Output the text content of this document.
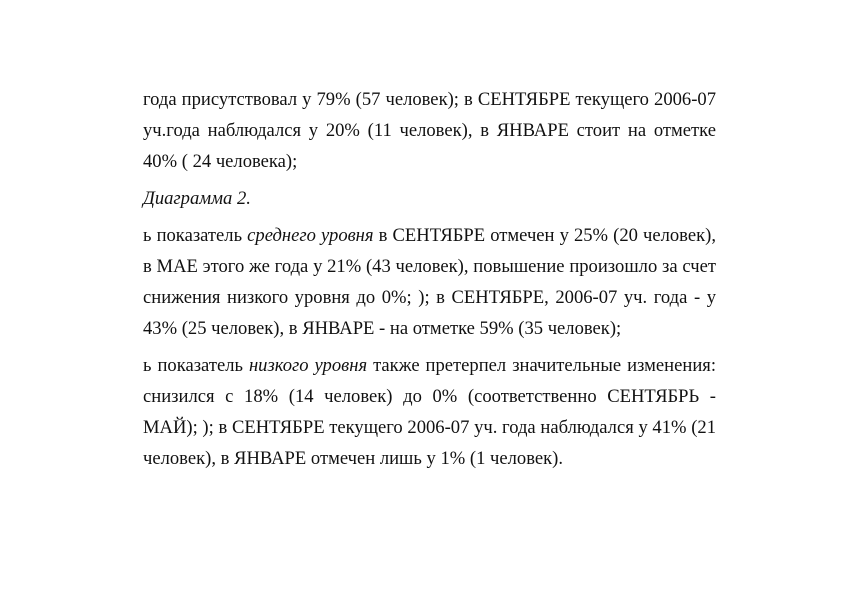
года присутствовал у 79% (57 человек); в СЕНТЯБРЕ текущего 2006-07 уч.года наблюдался у 20% (11 человек), в ЯНВАРЕ стоит на отметке 40% ( 24 человека);

Диаграмма 2.

ь показатель среднего уровня в СЕНТЯБРЕ отмечен у 25% (20 человек), в МАЕ этого же года у 21% (43 человек), повышение произошло за счет снижения низкого уровня до 0%; ); в СЕНТЯБРЕ, 2006-07 уч. года - у 43% (25 человек), в ЯНВАРЕ - на отметке 59% (35 человек);

ь показатель низкого уровня также претерпел значительные изменения: снизился с 18% (14 человек) до 0% (соответственно СЕНТЯБРЬ - МАЙ); ); в СЕНТЯБРЕ текущего 2006-07 уч. года наблюдался у 41% (21 человек), в ЯНВАРЕ отмечен лишь у 1% (1 человек).
